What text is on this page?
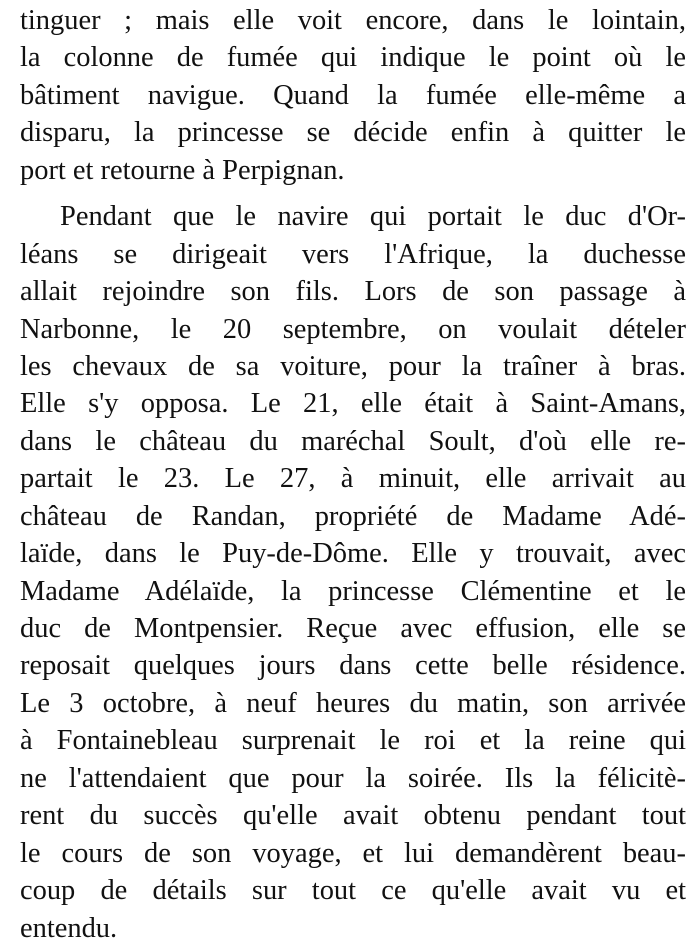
tinguer ; mais elle voit encore, dans le lointain,
la colonne de fumée qui indique le point où le
bâtiment navigue. Quand la fumée elle-même a
disparu, la princesse se décide enfin à quitter le
port et retourne à Perpignan.
Pendant que le navire qui portait le duc d'Or-
léans se dirigeait vers l'Afrique, la duchesse
allait rejoindre son fils. Lors de son passage à
Narbonne, le 20 septembre, on voulait dételer
les chevaux de sa voiture, pour la traîner à bras.
Elle s'y opposa. Le 21, elle était à Saint-Amans,
dans le château du maréchal Soult, d'où elle re-
partait le 23. Le 27, à minuit, elle arrivait au
château de Randan, propriété de Madame Adé-
laïde, dans le Puy-de-Dôme. Elle y trouvait, avec
Madame Adélaïde, la princesse Clémentine et le
duc de Montpensier. Reçue avec effusion, elle se
reposait quelques jours dans cette belle résidence.
Le 3 octobre, à neuf heures du matin, son arrivée
à Fontainebleau surprenait le roi et la reine qui
ne l'attendaient que pour la soirée. Ils la félicitè-
rent du succès qu'elle avait obtenu pendant tout
le cours de son voyage, et lui demandèrent beau-
coup de détails sur tout ce qu'elle avait vu et
entendu.
